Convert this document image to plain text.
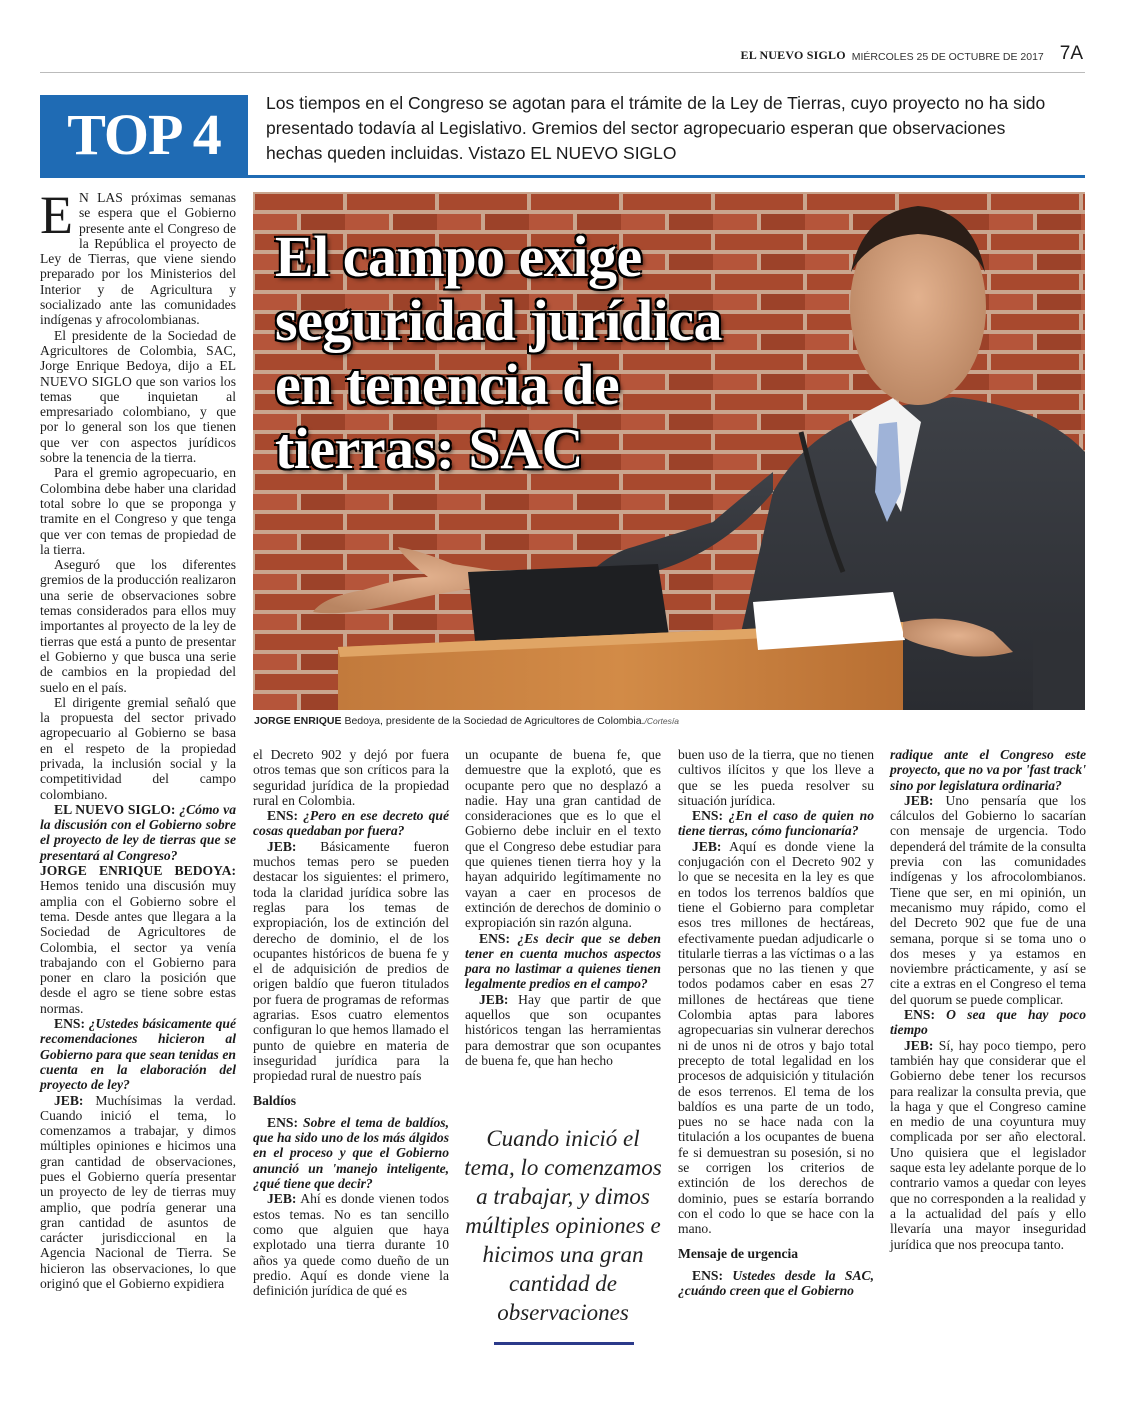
EL NUEVO SIGLO MIÉRCOLES 25 DE OCTUBRE DE 2017 7A
TOP 4	Los tiempos en el Congreso se agotan para el trámite de la Ley de Tierras, cuyo proyecto no ha sido presentado todavía al Legislativo. Gremios del sector agropecuario esperan que observaciones hechas queden incluidas. Vistazo EL NUEVO SIGLO
El campo exige seguridad jurídica en tenencia de tierras: SAC
JORGE ENRIQUE Bedoya, presidente de la Sociedad de Agricultores de Colombia./Cortesía

E N LAS próximas semanas se espera que el Gobierno presente ante el Congreso de la República el proyecto de Ley de Tierras, que viene siendo preparado por los Ministerios del Interior y de Agricultura y socializado ante las comunidades indígenas y afrocolombianas.

El presidente de la Sociedad de Agricultores de Colombia, SAC, Jorge Enrique Bedoya, dijo a EL NUEVO SIGLO que son varios los temas que inquietan al empresariado colombiano, y que por lo general son los que tienen que ver con aspectos jurídicos sobre la tenencia de la tierra.

Para el gremio agropecuario, en Colombina debe haber una claridad total sobre lo que se proponga y tramite en el Congreso y que tenga que ver con temas de propiedad de la tierra.

Aseguró que los diferentes gremios de la producción realizaron una serie de observaciones sobre temas considerados para ellos muy importantes al proyecto de la ley de tierras que está a punto de presentar el Gobierno y que busca una serie de cambios en la propiedad del suelo en el país.

El dirigente gremial señaló que la propuesta del sector privado agropecuario al Gobierno se basa en el respeto de la propiedad privada, la inclusión social y la competitividad del campo colombiano.

EL NUEVO SIGLO: ¿Cómo va la discusión con el Gobierno sobre el proyecto de ley de tierras que se presentará al Congreso?

JORGE ENRIQUE BEDOYA: Hemos tenido una discusión muy amplia con el Gobierno sobre el tema. Desde antes que llegara a la Sociedad de Agricultores de Colombia, el sector ya venía trabajando con el Gobierno para poner en claro la posición que desde el agro se tiene sobre estas normas.

ENS: ¿Ustedes básicamente qué recomendaciones hicieron al Gobierno para que sean tenidas en cuenta en la elaboración del proyecto de ley?

JEB: Muchísimas la verdad. Cuando inició el tema, lo comenzamos a trabajar, y dimos múltiples opiniones e hicimos una gran cantidad de observaciones, pues el Gobierno quería presentar un proyecto de ley de tierras muy amplio, que podría generar una gran cantidad de asuntos de carácter jurisdiccional en la Agencia Nacional de Tierra. Se hicieron las observaciones, lo que originó que el Gobierno expidiera

el Decreto 902 y dejó por fuera otros temas que son críticos para la seguridad jurídica de la propiedad rural en Colombia.

ENS: ¿Pero en ese decreto qué cosas quedaban por fuera?

JEB: Básicamente fueron muchos temas pero se pueden destacar los siguientes: el primero, toda la claridad jurídica sobre las reglas para los temas de expropiación, los de extinción del derecho de dominio, el de los ocupantes históricos de buena fe y el de adquisición de predios de origen baldío que fueron titulados por fuera de programas de reformas agrarias. Esos cuatro elementos configuran lo que hemos llamado el punto de quiebre en materia de inseguridad jurídica para la propiedad rural de nuestro país

Baldíos

ENS: Sobre el tema de baldíos, que ha sido uno de los más álgidos en el proceso y que el Gobierno anunció un 'manejo inteligente, ¿qué tiene que decir?

JEB: Ahí es donde vienen todos estos temas. No es tan sencillo como que alguien que haya explotado una tierra durante 10 años ya quede como dueño de un predio. Aquí es donde viene la definición jurídica de qué es

un ocupante de buena fe, que demuestre que la explotó, que es ocupante pero que no desplazó a nadie. Hay una gran cantidad de consideraciones que es lo que el Gobierno debe incluir en el texto que el Congreso debe estudiar para que quienes tienen tierra hoy y la hayan adquirido legítimamente no vayan a caer en procesos de extinción de derechos de dominio o expropiación sin razón alguna.

ENS: ¿Es decir que se deben tener en cuenta muchos aspectos para no lastimar a quienes tienen legalmente predios en el campo?

JEB: Hay que partir de que aquellos que son ocupantes históricos tengan las herramientas para demostrar que son ocupantes de buena fe, que han hecho

Cuando inició el tema, lo comenzamos a trabajar, y dimos múltiples opiniones e hicimos una gran cantidad de observaciones

buen uso de la tierra, que no tienen cultivos ilícitos y que los lleve a que se les pueda resolver su situación jurídica.

ENS: ¿En el caso de quien no tiene tierras, cómo funcionaría?

JEB: Aquí es donde viene la conjugación con el Decreto 902 y lo que se necesita en la ley es que en todos los terrenos baldíos que tiene el Gobierno para completar esos tres millones de hectáreas, efectivamente puedan adjudicarle o titularle tierras a las víctimas o a las personas que no las tienen y que todos podamos caber en esas 27 millones de hectáreas que tiene Colombia aptas para labores agropecuarias sin vulnerar derechos ni de unos ni de otros y bajo total precepto de total legalidad en los procesos de adquisición y titulación de esos terrenos. El tema de los baldíos es una parte de un todo, pues no se hace nada con la titulación a los ocupantes de buena fe si demuestran su posesión, si no se corrigen los criterios de extinción de los derechos de dominio, pues se estaría borrando con el codo lo que se hace con la mano.

Mensaje de urgencia

ENS: Ustedes desde la SAC, ¿cuándo creen que el Gobierno

radique ante el Congreso este proyecto, que no va por 'fast track' sino por legislatura ordinaria?

JEB: Uno pensaría que los cálculos del Gobierno lo sacarían con mensaje de urgencia. Todo dependerá del trámite de la consulta previa con las comunidades indígenas y los afrocolombianos. Tiene que ser, en mi opinión, un mecanismo muy rápido, como el del Decreto 902 que fue de una semana, porque si se toma uno o dos meses y ya estamos en noviembre prácticamente, y así se cite a extras en el Congreso el tema del quorum se puede complicar.

ENS: O sea que hay poco tiempo

JEB: Sí, hay poco tiempo, pero también hay que considerar que el Gobierno debe tener los recursos para realizar la consulta previa, que la haga y que el Congreso camine en medio de una coyuntura muy complicada por ser año electoral. Uno quisiera que el legislador saque esta ley adelante porque de lo contrario vamos a quedar con leyes que no corresponden a la realidad y a la actualidad del país y ello llevaría una mayor inseguridad jurídica que nos preocupa tanto.
